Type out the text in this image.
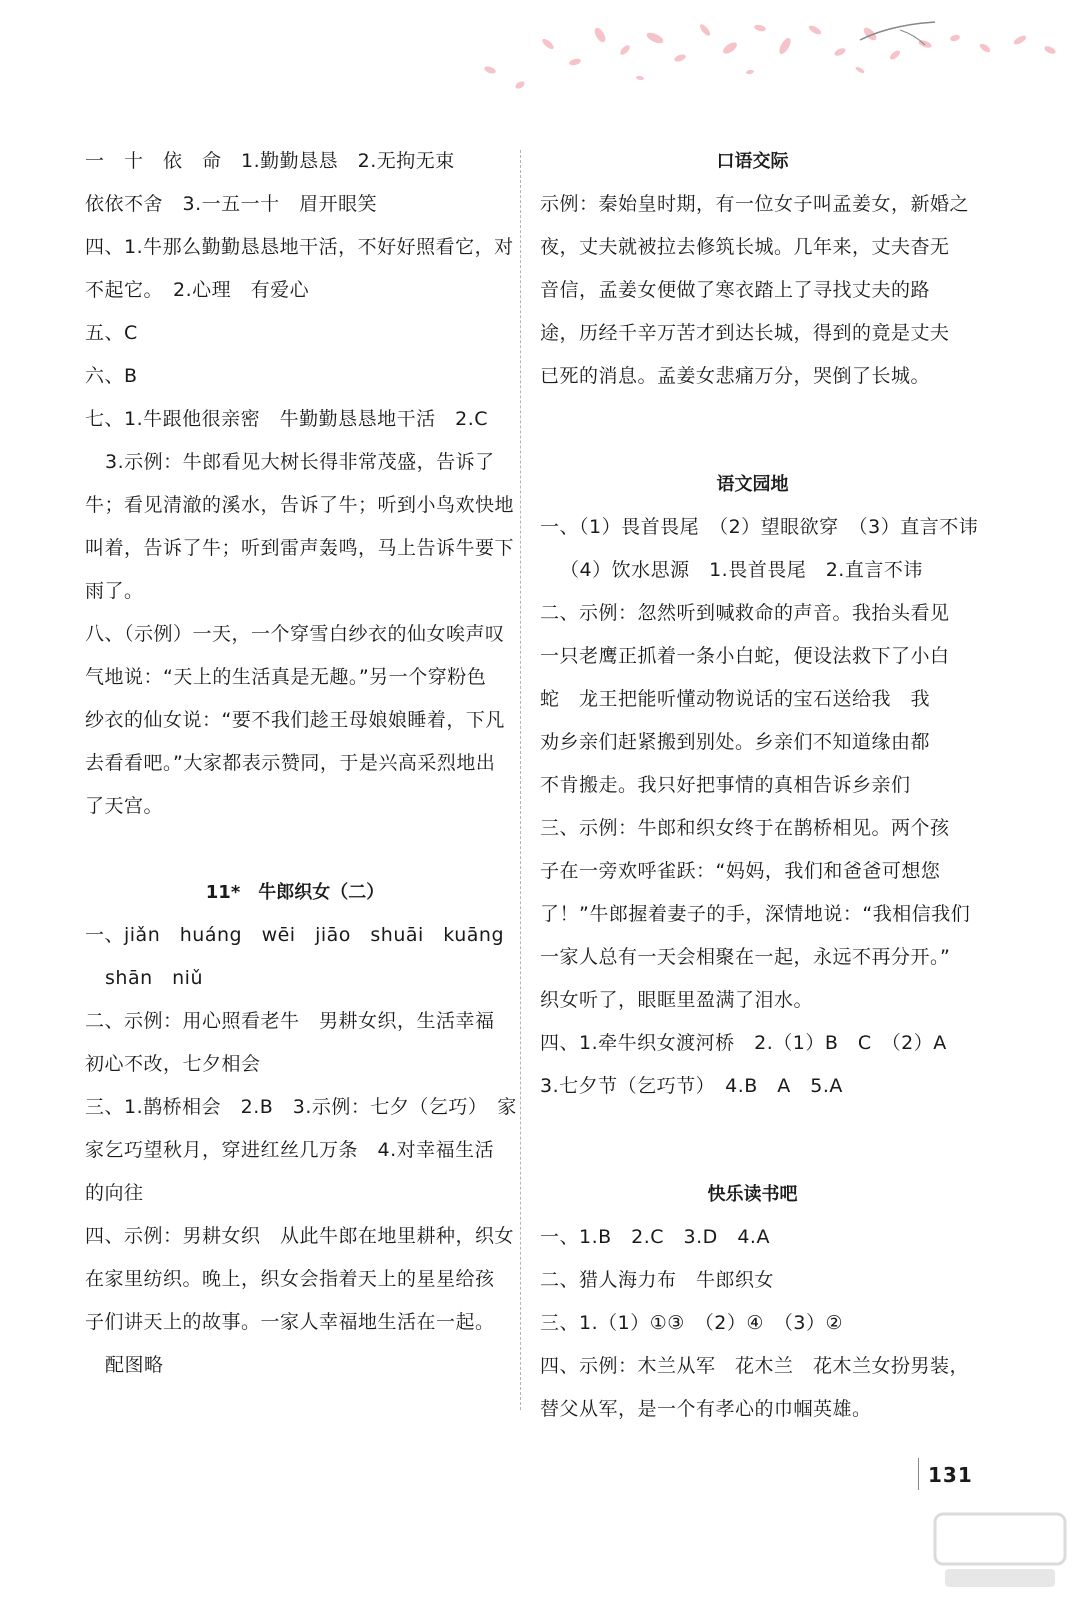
一　十　依　命　1.勤勤恳恳　2.无拘无束
依依不舍　3.一五一十　眉开眼笑
四、1.牛那么勤勤恳恳地干活，不好好照看它，对
不起它。　2.心理　有爱心
五、C
六、B
七、1.牛跟他很亲密　牛勤勤恳恳地干活　2.C
3.示例：牛郎看见大树长得非常茂盛，告诉了
牛；看见清澈的溪水，告诉了牛；听到小鸟欢快地
叫着，告诉了牛；听到雷声轰鸣，马上告诉牛要下
雨了。
八、（示例）一天，一个穿雪白纱衣的仙女唉声叹
气地说：“天上的生活真是无趣。”另一个穿粉色
纱衣的仙女说：“要不我们趁王母娘娘睡着，下凡
去看看吧。”大家都表示赞同，于是兴高采烈地出
了天宫。
11*　牛郎织女（二）
一、jiǎn　huáng　wēi　jiāo　shuāi　kuāng
shān　niǔ
二、示例：用心照看老牛　男耕女织，生活幸福
初心不改，七夕相会
三、1.鹊桥相会　2.B　3.示例：七夕（乞巧）　家
家乞巧望秋月，穿进红丝几万条　4.对幸福生活
的向往
四、示例：男耕女织　从此牛郎在地里耕种，织女
在家里纺织。晚上，织女会指着天上的星星给孩
子们讲天上的故事。一家人幸福地生活在一起。
配图略
口语交际
示例：秦始皇时期，有一位女子叫孟姜女，新婚之
夜，丈夫就被拉去修筑长城。几年来，丈夫杳无
音信，孟姜女便做了寒衣踏上了寻找丈夫的路
途，历经千辛万苦才到达长城，得到的竟是丈夫
已死的消息。孟姜女悲痛万分，哭倒了长城。
语文园地
一、（1）畏首畏尾　（2）望眼欲穿　（3）直言不讳
（4）饮水思源　1.畏首畏尾　2.直言不讳
二、示例：忽然听到喊救命的声音。我抬头看见
一只老鹰正抓着一条小白蛇，便设法救下了小白
蛇　龙王把能听懂动物说话的宝石送给我　我
劝乡亲们赶紧搬到别处。乡亲们不知道缘由都
不肯搬走。我只好把事情的真相告诉乡亲们
三、示例：牛郎和织女终于在鹊桥相见。两个孩
子在一旁欢呼雀跃：“妈妈，我们和爸爸可想您
了！”牛郎握着妻子的手，深情地说：“我相信我们
一家人总有一天会相聚在一起，永远不再分开。”
织女听了，眼眶里盈满了泪水。
四、1.牵牛织女渡河桥　2.（1）B　C　（2）A
3.七夕节（乞巧节）　4.B　A　5.A
快乐读书吧
一、1.B　2.C　3.D　4.A
二、猎人海力布　牛郎织女
三、1.（1）①③　（2）④　（3）②
四、示例：木兰从军　花木兰　花木兰女扮男装，
替父从军，是一个有孝心的巾帼英雄。
131
